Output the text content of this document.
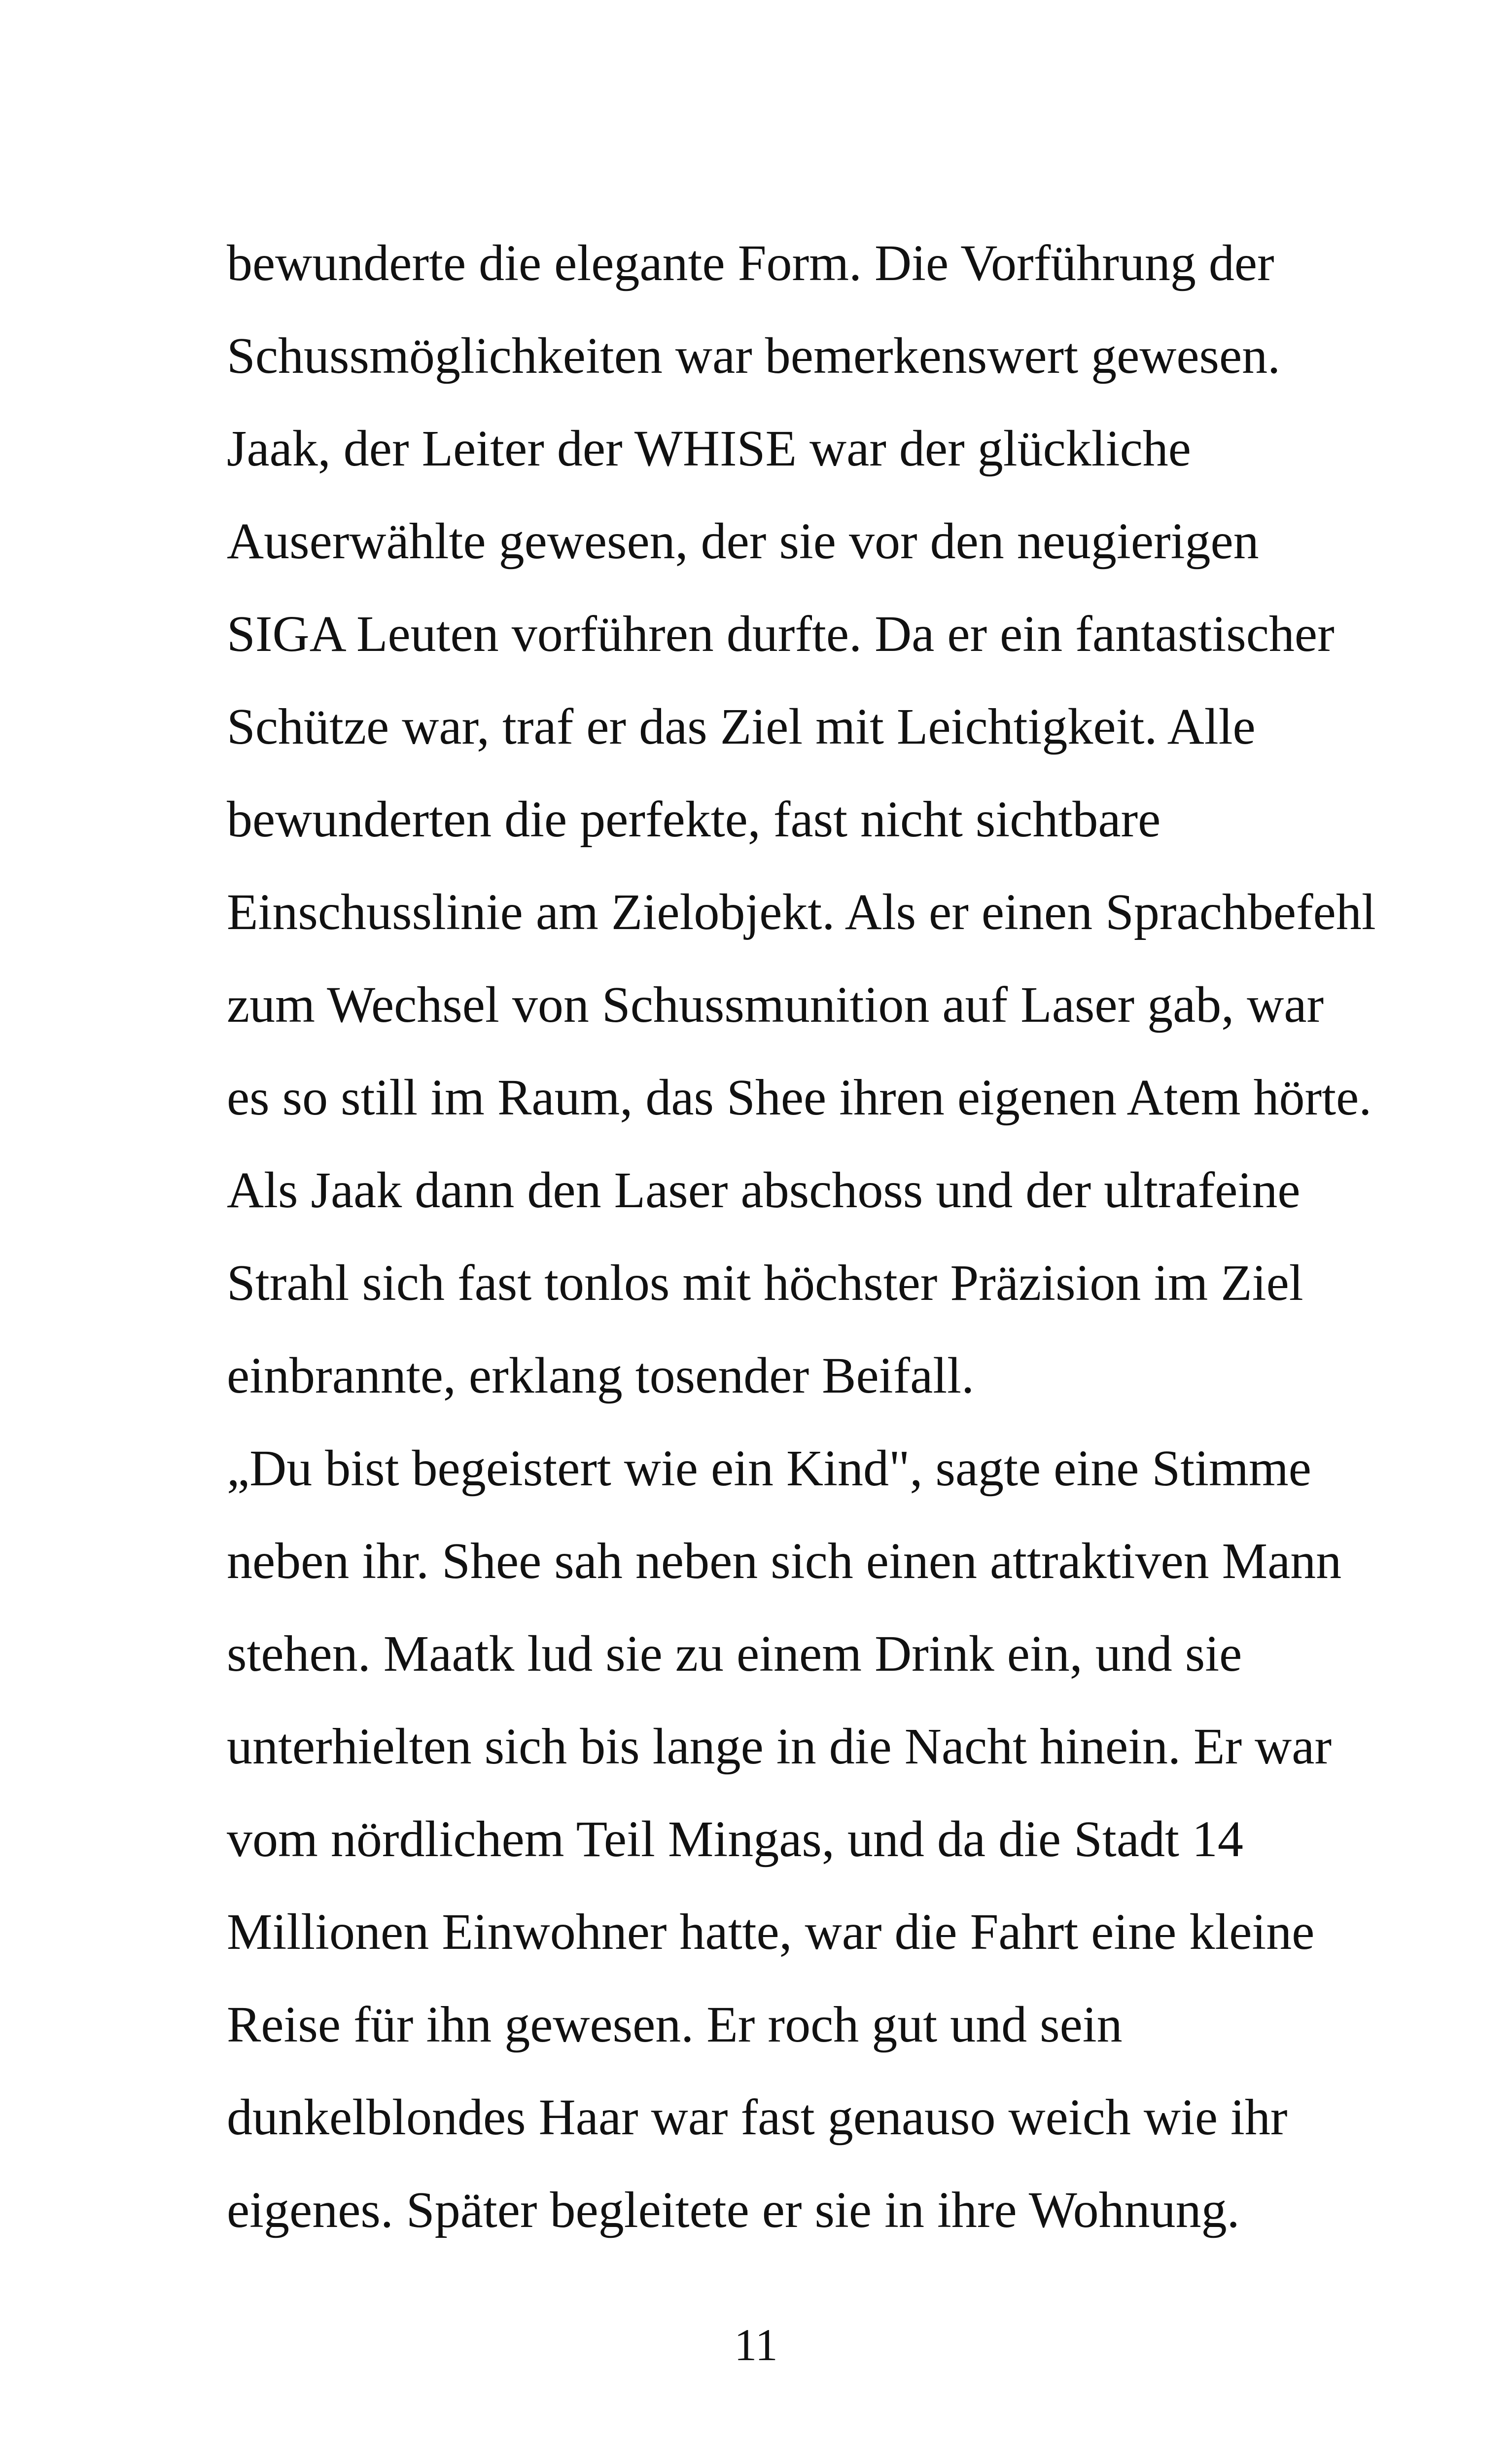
bewunderte die elegante Form. Die Vorführung der
Schussmöglichkeiten war bemerkenswert gewesen.
Jaak, der Leiter der WHISE war der glückliche
Auserwählte gewesen, der sie vor den neugierigen
SIGA Leuten vorführen durfte. Da er ein fantastischer
Schütze war, traf er das Ziel mit Leichtigkeit. Alle
bewunderten die perfekte, fast nicht sichtbare
Einschusslinie am Zielobjekt. Als er einen Sprachbefehl
zum Wechsel von Schussmunition auf Laser gab, war
es so still im Raum, das Shee ihren eigenen Atem hörte.
Als Jaak dann den Laser abschoss und der ultrafeine
Strahl sich fast tonlos mit höchster Präzision im Ziel
einbrannte, erklang tosender Beifall.
„Du bist begeistert wie ein Kind", sagte eine Stimme
neben ihr. Shee sah neben sich einen attraktiven Mann
stehen. Maatk lud sie zu einem Drink ein, und sie
unterhielten sich bis lange in die Nacht hinein. Er war
vom nördlichem Teil Mingas, und da die Stadt 14
Millionen Einwohner hatte, war die Fahrt eine kleine
Reise für ihn gewesen. Er roch gut und sein
dunkelblondes Haar war fast genauso weich wie ihr
eigenes. Später begleitete er sie in ihre Wohnung.
11
